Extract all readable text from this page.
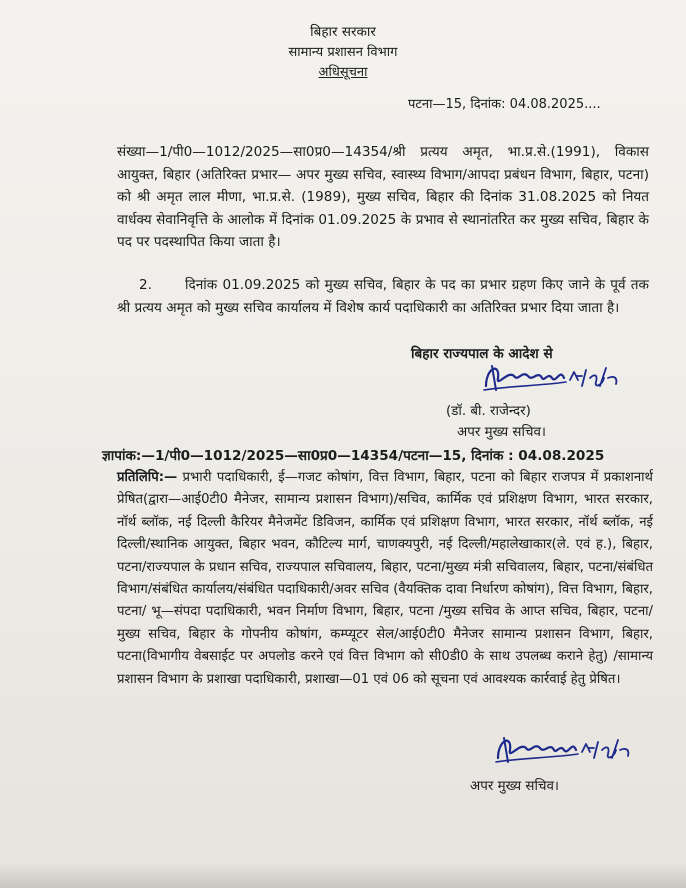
बिहार सरकार
सामान्य प्रशासन विभाग
अधिसूचना
पटना—15, दिनांक: 04.08.2025....

संख्या—1/पी0—1012/2025—सा0प्र0—14354/श्री प्रत्यय अमृत, भा.प्र.से.(1991), विकास आयुक्त, बिहार (अतिरिक्त प्रभार— अपर मुख्य सचिव, स्वास्थ्य विभाग/आपदा प्रबंधन विभाग, बिहार, पटना) को श्री अमृत लाल मीणा, भा.प्र.से. (1989), मुख्य सचिव, बिहार की दिनांक 31.08.2025 को नियत वार्धक्य सेवानिवृत्ति के आलोक में दिनांक 01.09.2025 के प्रभाव से स्थानांतरित कर मुख्य सचिव, बिहार के पद पर पदस्थापित किया जाता है।

2. दिनांक 01.09.2025 को मुख्य सचिव, बिहार के पद का प्रभार ग्रहण किए जाने के पूर्व तक श्री प्रत्यय अमृत को मुख्य सचिव कार्यालय में विशेष कार्य पदाधिकारी का अतिरिक्त प्रभार दिया जाता है।

बिहार राज्यपाल के आदेश से
(डॉ. बी. राजेन्दर)
अपर मुख्य सचिव।
ज्ञापांक:—1/पी0—1012/2025—सा0प्र0—14354/पटना—15, दिनांक : 04.08.2025

प्रतिलिपि:— प्रभारी पदाधिकारी, ई—गजट कोषांग, वित्त विभाग, बिहार, पटना को बिहार राजपत्र में प्रकाशनार्थ प्रेषित(द्वारा—आई0टी0 मैनेजर, सामान्य प्रशासन विभाग)/सचिव, कार्मिक एवं प्रशिक्षण विभाग, भारत सरकार, नॉर्थ ब्लॉक, नई दिल्ली कैरियर मैनेजमेंट डिविजन, कार्मिक एवं प्रशिक्षण विभाग, भारत सरकार, नॉर्थ ब्लॉक, नई दिल्ली/स्थानिक आयुक्त, बिहार भवन, कौटिल्य मार्ग, चाणक्यपुरी, नई दिल्ली/महालेखाकार(ले. एवं ह.), बिहार, पटना/राज्यपाल के प्रधान सचिव, राज्यपाल सचिवालय, बिहार, पटना/मुख्य मंत्री सचिवालय, बिहार, पटना/संबंधित विभाग/संबंधित कार्यालय/संबंधित पदाधिकारी/अवर सचिव (वैयक्तिक दावा निर्धारण कोषांग), वित्त विभाग, बिहार, पटना/ भू—संपदा पदाधिकारी, भवन निर्माण विभाग, बिहार, पटना /मुख्य सचिव के आप्त सचिव, बिहार, पटना/मुख्य सचिव, बिहार के गोपनीय कोषांग, कम्प्यूटर सेल/आई0टी0 मैनेजर सामान्य प्रशासन विभाग, बिहार, पटना(विभागीय वेबसाईट पर अपलोड करने एवं वित्त विभाग को सी0डी0 के साथ उपलब्ध कराने हेतु) /सामान्य प्रशासन विभाग के प्रशाखा पदाधिकारी, प्रशाखा—01 एवं 06 को सूचना एवं आवश्यक कार्रवाई हेतु प्रेषित।

अपर मुख्य सचिव।
